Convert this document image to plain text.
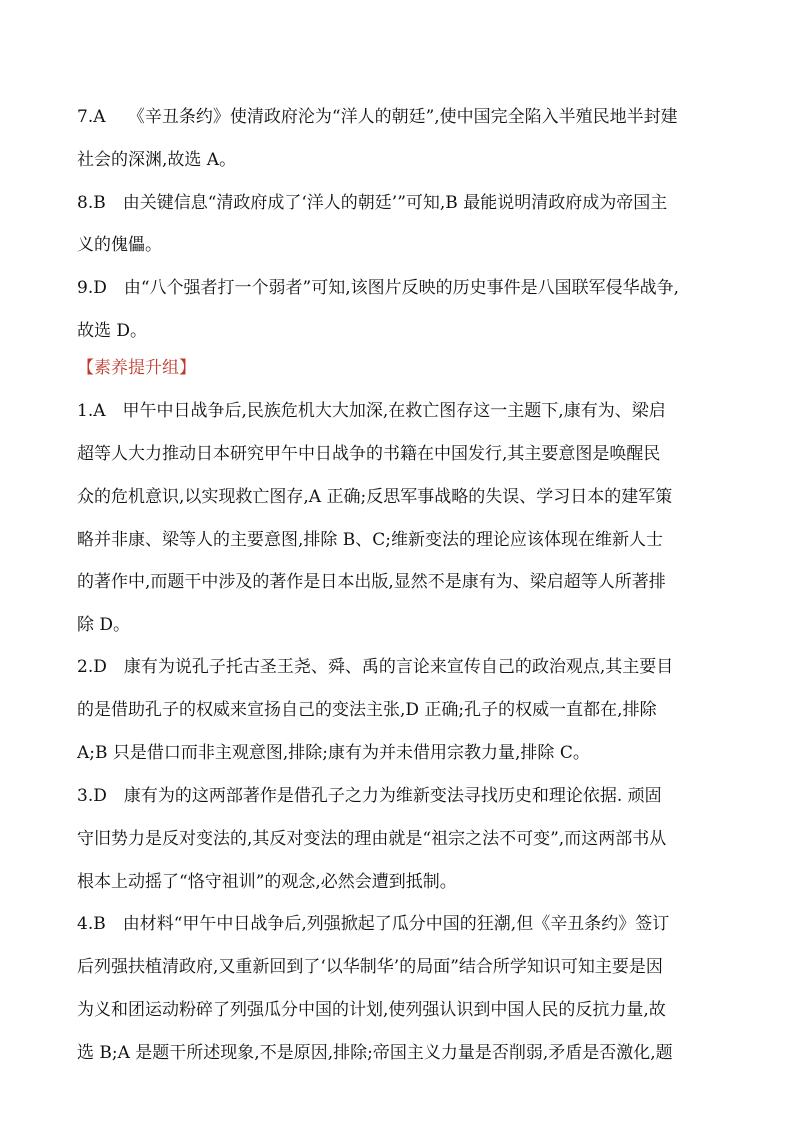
7.A　 《辛丑条约》使清政府沦为“洋人的朝廷”,使中国完全陷入半殖民地半封建
社会的深渊,故选 A。
8.B　由关键信息“清政府成了‘洋人的朝廷’”可知,B 最能说明清政府成为帝国主
义的傀儡。
9.D　由“八个强者打一个弱者”可知,该图片反映的历史事件是八国联军侵华战争,
故选 D。
【素养提升组】
1.A　甲午中日战争后,民族危机大大加深,在救亡图存这一主题下,康有为、梁启
超等人大力推动日本研究甲午中日战争的书籍在中国发行,其主要意图是唤醒民
众的危机意识,以实现救亡图存,A 正确;反思军事战略的失误、学习日本的建军策
略并非康、梁等人的主要意图,排除 B、C;维新变法的理论应该体现在维新人士
的著作中,而题干中涉及的著作是日本出版,显然不是康有为、梁启超等人所著排
除 D。
2.D　康有为说孔子托古圣王尧、舜、禹的言论来宣传自己的政治观点,其主要目
的是借助孔子的权威来宣扬自己的变法主张,D 正确;孔子的权威一直都在,排除
A;B 只是借口而非主观意图,排除;康有为并未借用宗教力量,排除 C。
3.D　康有为的这两部著作是借孔子之力为维新变法寻找历史和理论依据. 顽固
守旧势力是反对变法的,其反对变法的理由就是“祖宗之法不可变”,而这两部书从
根本上动摇了“恪守祖训”的观念,必然会遭到抵制。
4.B　由材料“甲午中日战争后,列强掀起了瓜分中国的狂潮,但《辛丑条约》签订
后列强扶植清政府,又重新回到了‘以华制华’的局面”结合所学知识可知主要是因
为义和团运动粉碎了列强瓜分中国的计划,使列强认识到中国人民的反抗力量,故
选 B;A 是题干所述现象,不是原因,排除;帝国主义力量是否削弱,矛盾是否激化,题
